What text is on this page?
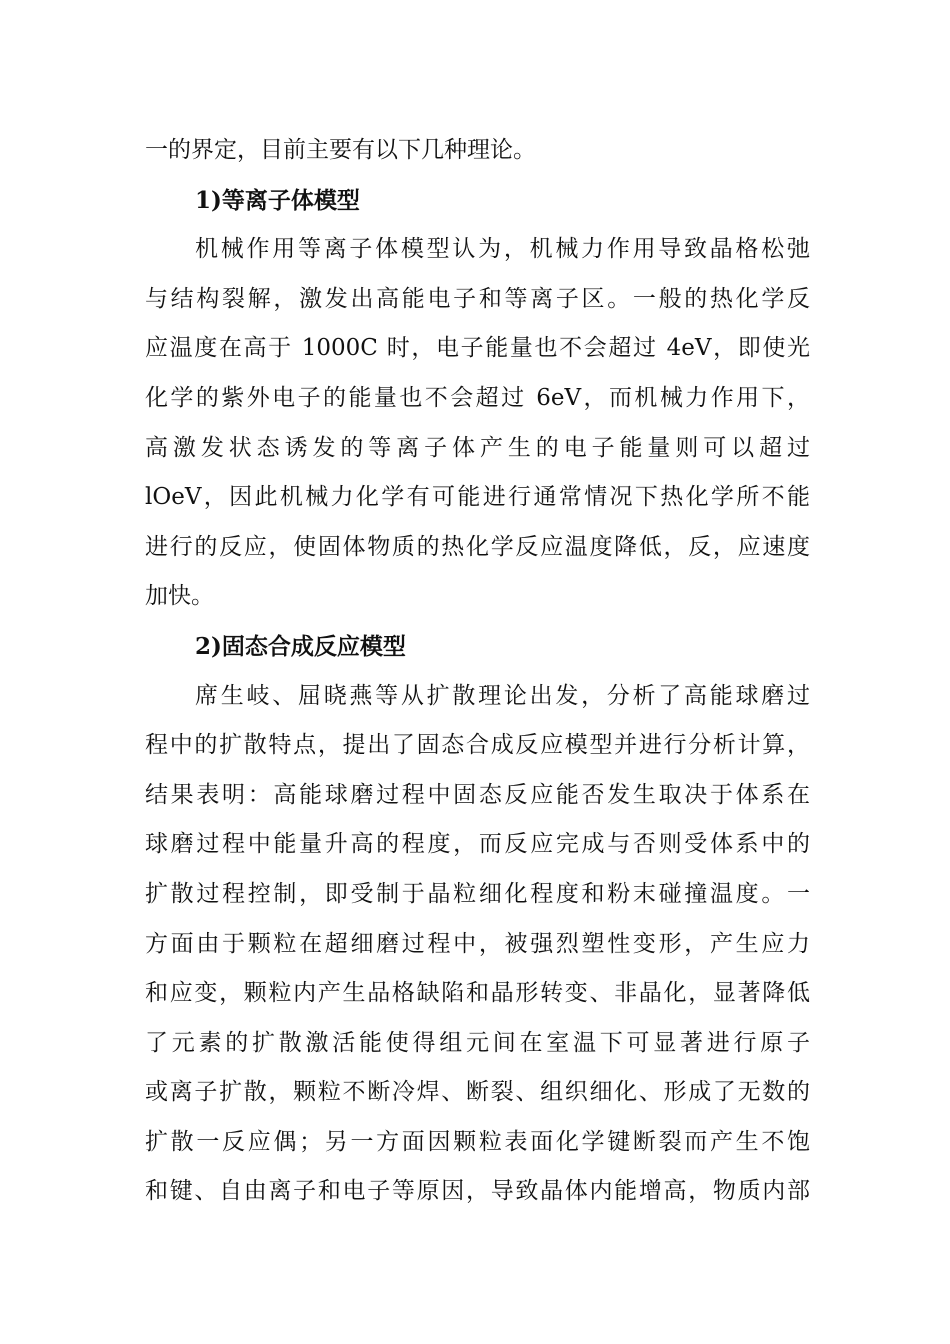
一的界定，目前主要有以下几种理论。
1)等离子体模型
机械作用等离子体模型认为，机械力作用导致晶格松弛
与结构裂解，激发出高能电子和等离子区。一般的热化学反
应温度在高于 1000C 时，电子能量也不会超过 4eV，即使光
化学的紫外电子的能量也不会超过 6eV，而机械力作用下，
高激发状态诱发的等离子体产生的电子能量则可以超过
lOeV，因此机械力化学有可能进行通常情况下热化学所不能
进行的反应，使固体物质的热化学反应温度降低，反，应速度
加快。
2)固态合成反应模型
席生岐、屈晓燕等从扩散理论出发，分析了高能球磨过
程中的扩散特点，提出了固态合成反应模型并进行分析计算，
结果表明：高能球磨过程中固态反应能否发生取决于体系在
球磨过程中能量升高的程度，而反应完成与否则受体系中的
扩散过程控制，即受制于晶粒细化程度和粉末碰撞温度。一
方面由于颗粒在超细磨过程中，被强烈塑性变形，产生应力
和应变，颗粒内产生品格缺陷和晶形转变、非晶化，显著降低
了元素的扩散激活能使得组元间在室温下可显著进行原子
或离子扩散，颗粒不断冷焊、断裂、组织细化、形成了无数的
扩散一反应偶；另一方面因颗粒表面化学键断裂而产生不饱
和键、自由离子和电子等原因，导致晶体内能增高，物质内部
